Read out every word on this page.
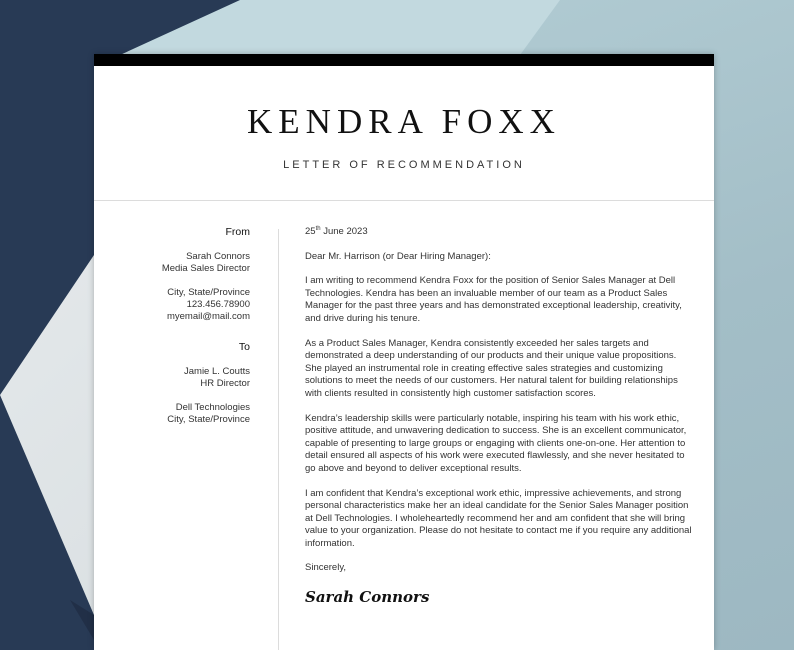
KENDRA FOXX
LETTER OF RECOMMENDATION
From
Sarah Connors
Media Sales Director
City, State/Province
123.456.78900
myemail@mail.com
To
Jamie L. Coutts
HR Director
Dell Technologies
City, State/Province

25th June 2023

Dear Mr. Harrison (or Dear Hiring Manager):

I am writing to recommend Kendra Foxx for the position of Senior Sales Manager at Dell Technologies. Kendra has been an invaluable member of our team as a Product Sales Manager for the past three years and has demonstrated exceptional leadership, creativity, and drive during his tenure.

As a Product Sales Manager, Kendra consistently exceeded her sales targets and demonstrated a deep understanding of our products and their unique value propositions. She played an instrumental role in creating effective sales strategies and customizing solutions to meet the needs of our customers. Her natural talent for building relationships with clients resulted in consistently high customer satisfaction scores.

Kendra’s leadership skills were particularly notable, inspiring his team with his work ethic, positive attitude, and unwavering dedication to success. She is an excellent communicator, capable of presenting to large groups or engaging with clients one-on-one. Her attention to detail ensured all aspects of his work were executed flawlessly, and she never hesitated to go above and beyond to deliver exceptional results.

I am confident that Kendra’s exceptional work ethic, impressive achievements, and strong personal characteristics make her an ideal candidate for the Senior Sales Manager position at Dell Technologies. I wholeheartedly recommend her and am confident that she will bring value to your organization. Please do not hesitate to contact me if you require any additional information.

Sincerely,

Sarah Connors
